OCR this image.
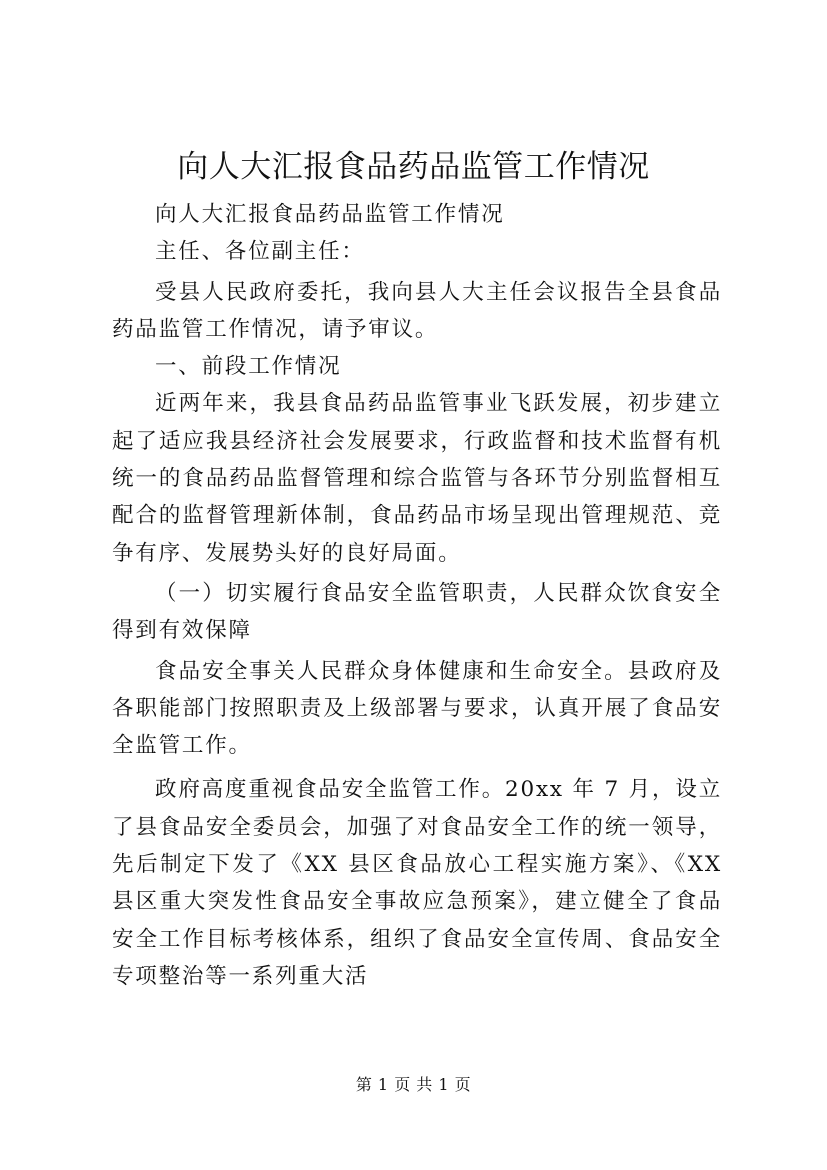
向人大汇报食品药品监管工作情况

向人大汇报食品药品监管工作情况

主任、各位副主任：

受县人民政府委托，我向县人大主任会议报告全县食品药品监管工作情况，请予审议。

一、前段工作情况

近两年来，我县食品药品监管事业飞跃发展，初步建立起了适应我县经济社会发展要求，行政监督和技术监督有机统一的食品药品监督管理和综合监管与各环节分别监督相互配合的监督管理新体制，食品药品市场呈现出管理规范、竞争有序、发展势头好的良好局面。

（一）切实履行食品安全监管职责，人民群众饮食安全得到有效保障

食品安全事关人民群众身体健康和生命安全。县政府及各职能部门按照职责及上级部署与要求，认真开展了食品安全监管工作。

政府高度重视食品安全监管工作。20xx 年 7 月，设立了县食品安全委员会，加强了对食品安全工作的统一领导，先后制定下发了《XX 县区食品放心工程实施方案》、《XX 县区重大突发性食品安全事故应急预案》，建立健全了食品安全工作目标考核体系，组织了食品安全宣传周、食品安全专项整治等一系列重大活

第 1 页 共 1 页
